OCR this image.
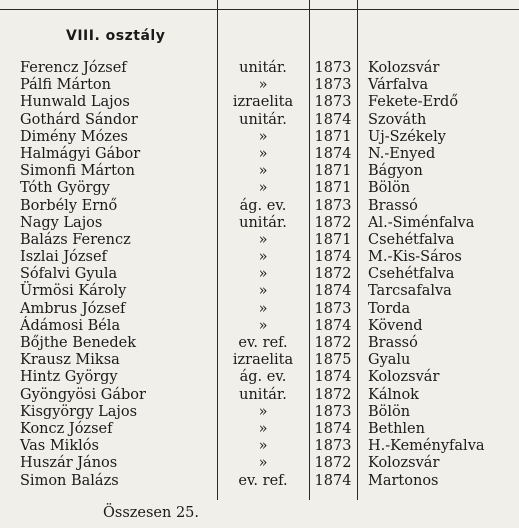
VIII. osztály
Ferencz József	unitár.	1873	Kolozsvár
Pálfi Márton	»	1873	Várfalva
Hunwald Lajos	izraelita	1873	Fekete-Erdő
Gothárd Sándor	unitár.	1874	Szováth
Dimény Mózes	»	1871	Uj-Székely
Halmágyi Gábor	»	1874	N.-Enyed
Simonfi Márton	»	1871	Bágyon
Tóth György	»	1871	Bölön
Borbély Ernő	ág. ev.	1873	Brassó
Nagy Lajos	unitár.	1872	Al.-Siménfalva
Balázs Ferencz	»	1871	Csehétfalva
Iszlai József	»	1874	M.-Kis-Sáros
Sófalvi Gyula	»	1872	Csehétfalva
Ürmösi Károly	»	1874	Tarcsafalva
Ambrus József	»	1873	Torda
Ádámosi Béla	»	1874	Kövend
Bőjthe Benedek	ev. ref.	1872	Brassó
Krausz Miksa	izraelita	1875	Gyalu
Hintz György	ág. ev.	1874	Kolozsvár
Gyöngyösi Gábor	unitár.	1872	Kálnok
Kisgyörgy Lajos	»	1873	Bölön
Koncz József	»	1874	Bethlen
Vas Miklós	»	1873	H.-Keményfalva
Huszár János	»	1872	Kolozsvár
Simon Balázs	ev. ref.	1874	Martonos
Összesen 25.
